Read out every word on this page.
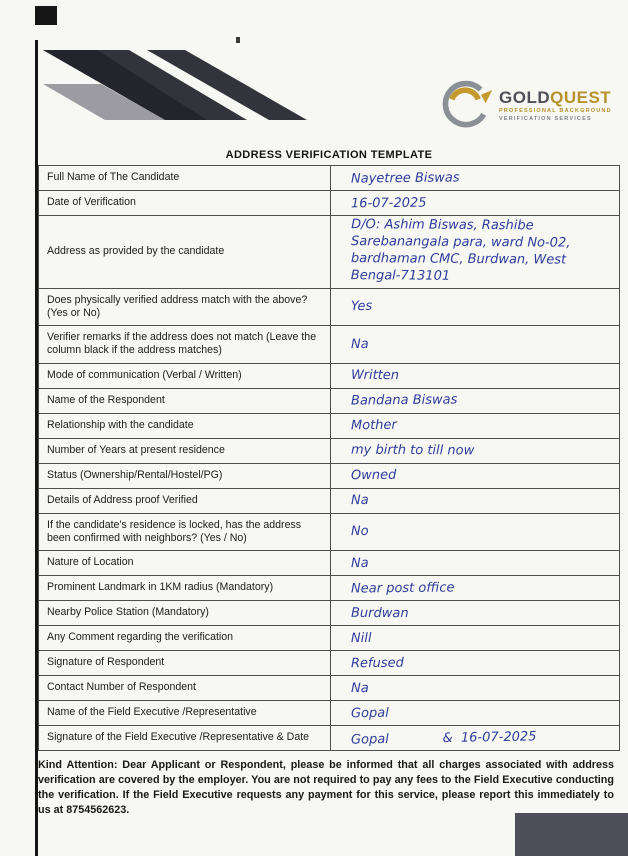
GOLDQUEST
PROFESSIONAL BACKGROUND
VERIFICATION SERVICES
ADDRESS VERIFICATION TEMPLATE
Full Name of The Candidate	Nayetree Biswas
Date of Verification	16-07-2025
Address as provided by the candidate	D/O: Ashim Biswas, Rashibe Sarebanangala para, ward No-02, bardhaman CMC, Burdwan, West Bengal-713101
Does physically verified address match with the above? (Yes or No)	Yes
Verifier remarks if the address does not match (Leave the column black if the address matches)	Na
Mode of communication (Verbal / Written)	Written
Name of the Respondent	Bandana Biswas
Relationship with the candidate	Mother
Number of Years at present residence	my birth to till now
Status (Ownership/Rental/Hostel/PG)	Owned
Details of Address proof Verified	Na
If the candidate's residence is locked, has the address been confirmed with neighbors? (Yes / No)	No
Nature of Location	Na
Prominent Landmark in 1KM radius (Mandatory)	Near post office
Nearby Police Station (Mandatory)	Burdwan
Any Comment regarding the verification	Nill
Signature of Respondent	Refused
Contact Number of Respondent	Na
Name of the Field Executive /Representative	Gopal
Signature of the Field Executive /Representative & Date	Gopal             &  16-07-2025

Kind Attention: Dear Applicant or Respondent, please be informed that all charges associated with address verification are covered by the employer. You are not required to pay any fees to the Field Executive conducting the verification. If the Field Executive requests any payment for this service, please report this immediately to us at 8754562623.
